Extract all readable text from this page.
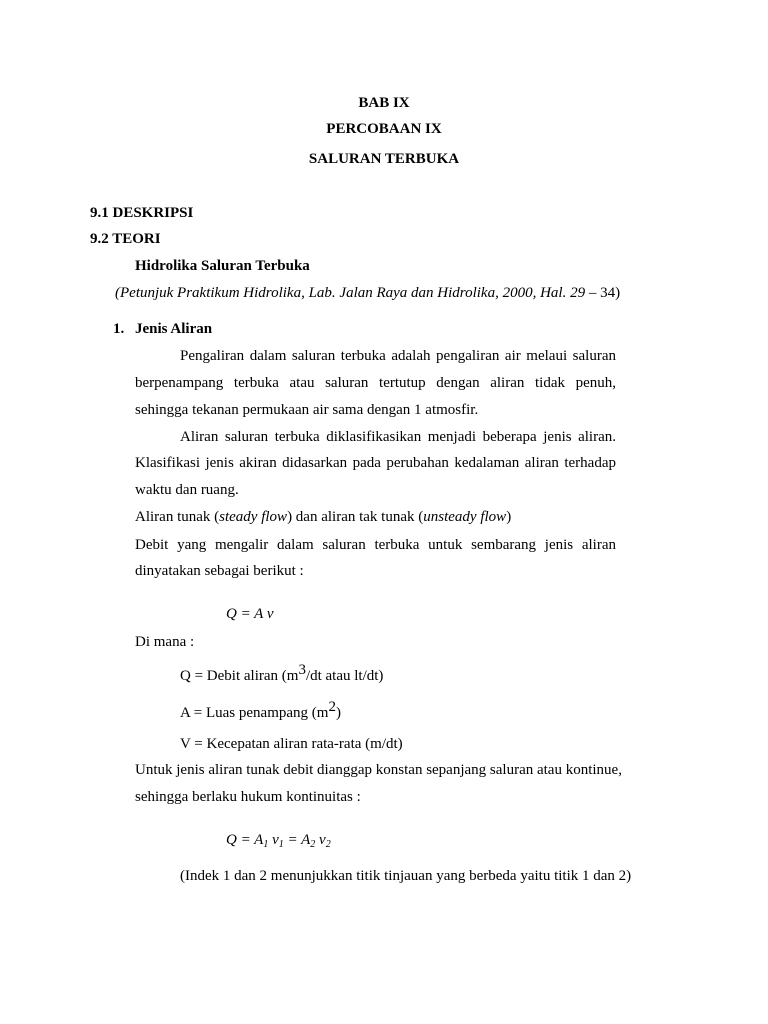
BAB IX
PERCOBAAN IX
SALURAN TERBUKA
9.1 DESKRIPSI
9.2 TEORI
Hidrolika Saluran Terbuka
(Petunjuk Praktikum Hidrolika, Lab. Jalan Raya dan Hidrolika, 2000, Hal. 29 – 34)
1. Jenis Aliran
Pengaliran dalam saluran terbuka adalah pengaliran air melaui saluran
berpenampang terbuka atau saluran tertutup dengan aliran tidak penuh,
sehingga tekanan permukaan air sama dengan 1 atmosfir.
Aliran saluran terbuka diklasifikasikan menjadi beberapa jenis aliran.
Klasifikasi jenis akiran didasarkan pada perubahan kedalaman aliran terhadap
waktu dan ruang.
Aliran tunak (steady flow) dan aliran tak tunak (unsteady flow)
Debit yang mengalir dalam saluran terbuka untuk sembarang jenis aliran
dinyatakan sebagai berikut :
Q = A v
Di mana :
Q = Debit aliran ($m^3/dt$ atau lt/dt)
A = Luas penampang $(m^2)$
V = Kecepatan aliran rata-rata (m/dt)
Untuk jenis aliran tunak debit dianggap konstan sepanjang saluran atau kontinue,
sehingga berlaku hukum kontinuitas :
$Q = A_1$ $v_1 = A_2$ $v_2$
(Indek 1 dan 2 menunjukkan titik tinjauan yang berbeda yaitu titik 1 dan 2)
